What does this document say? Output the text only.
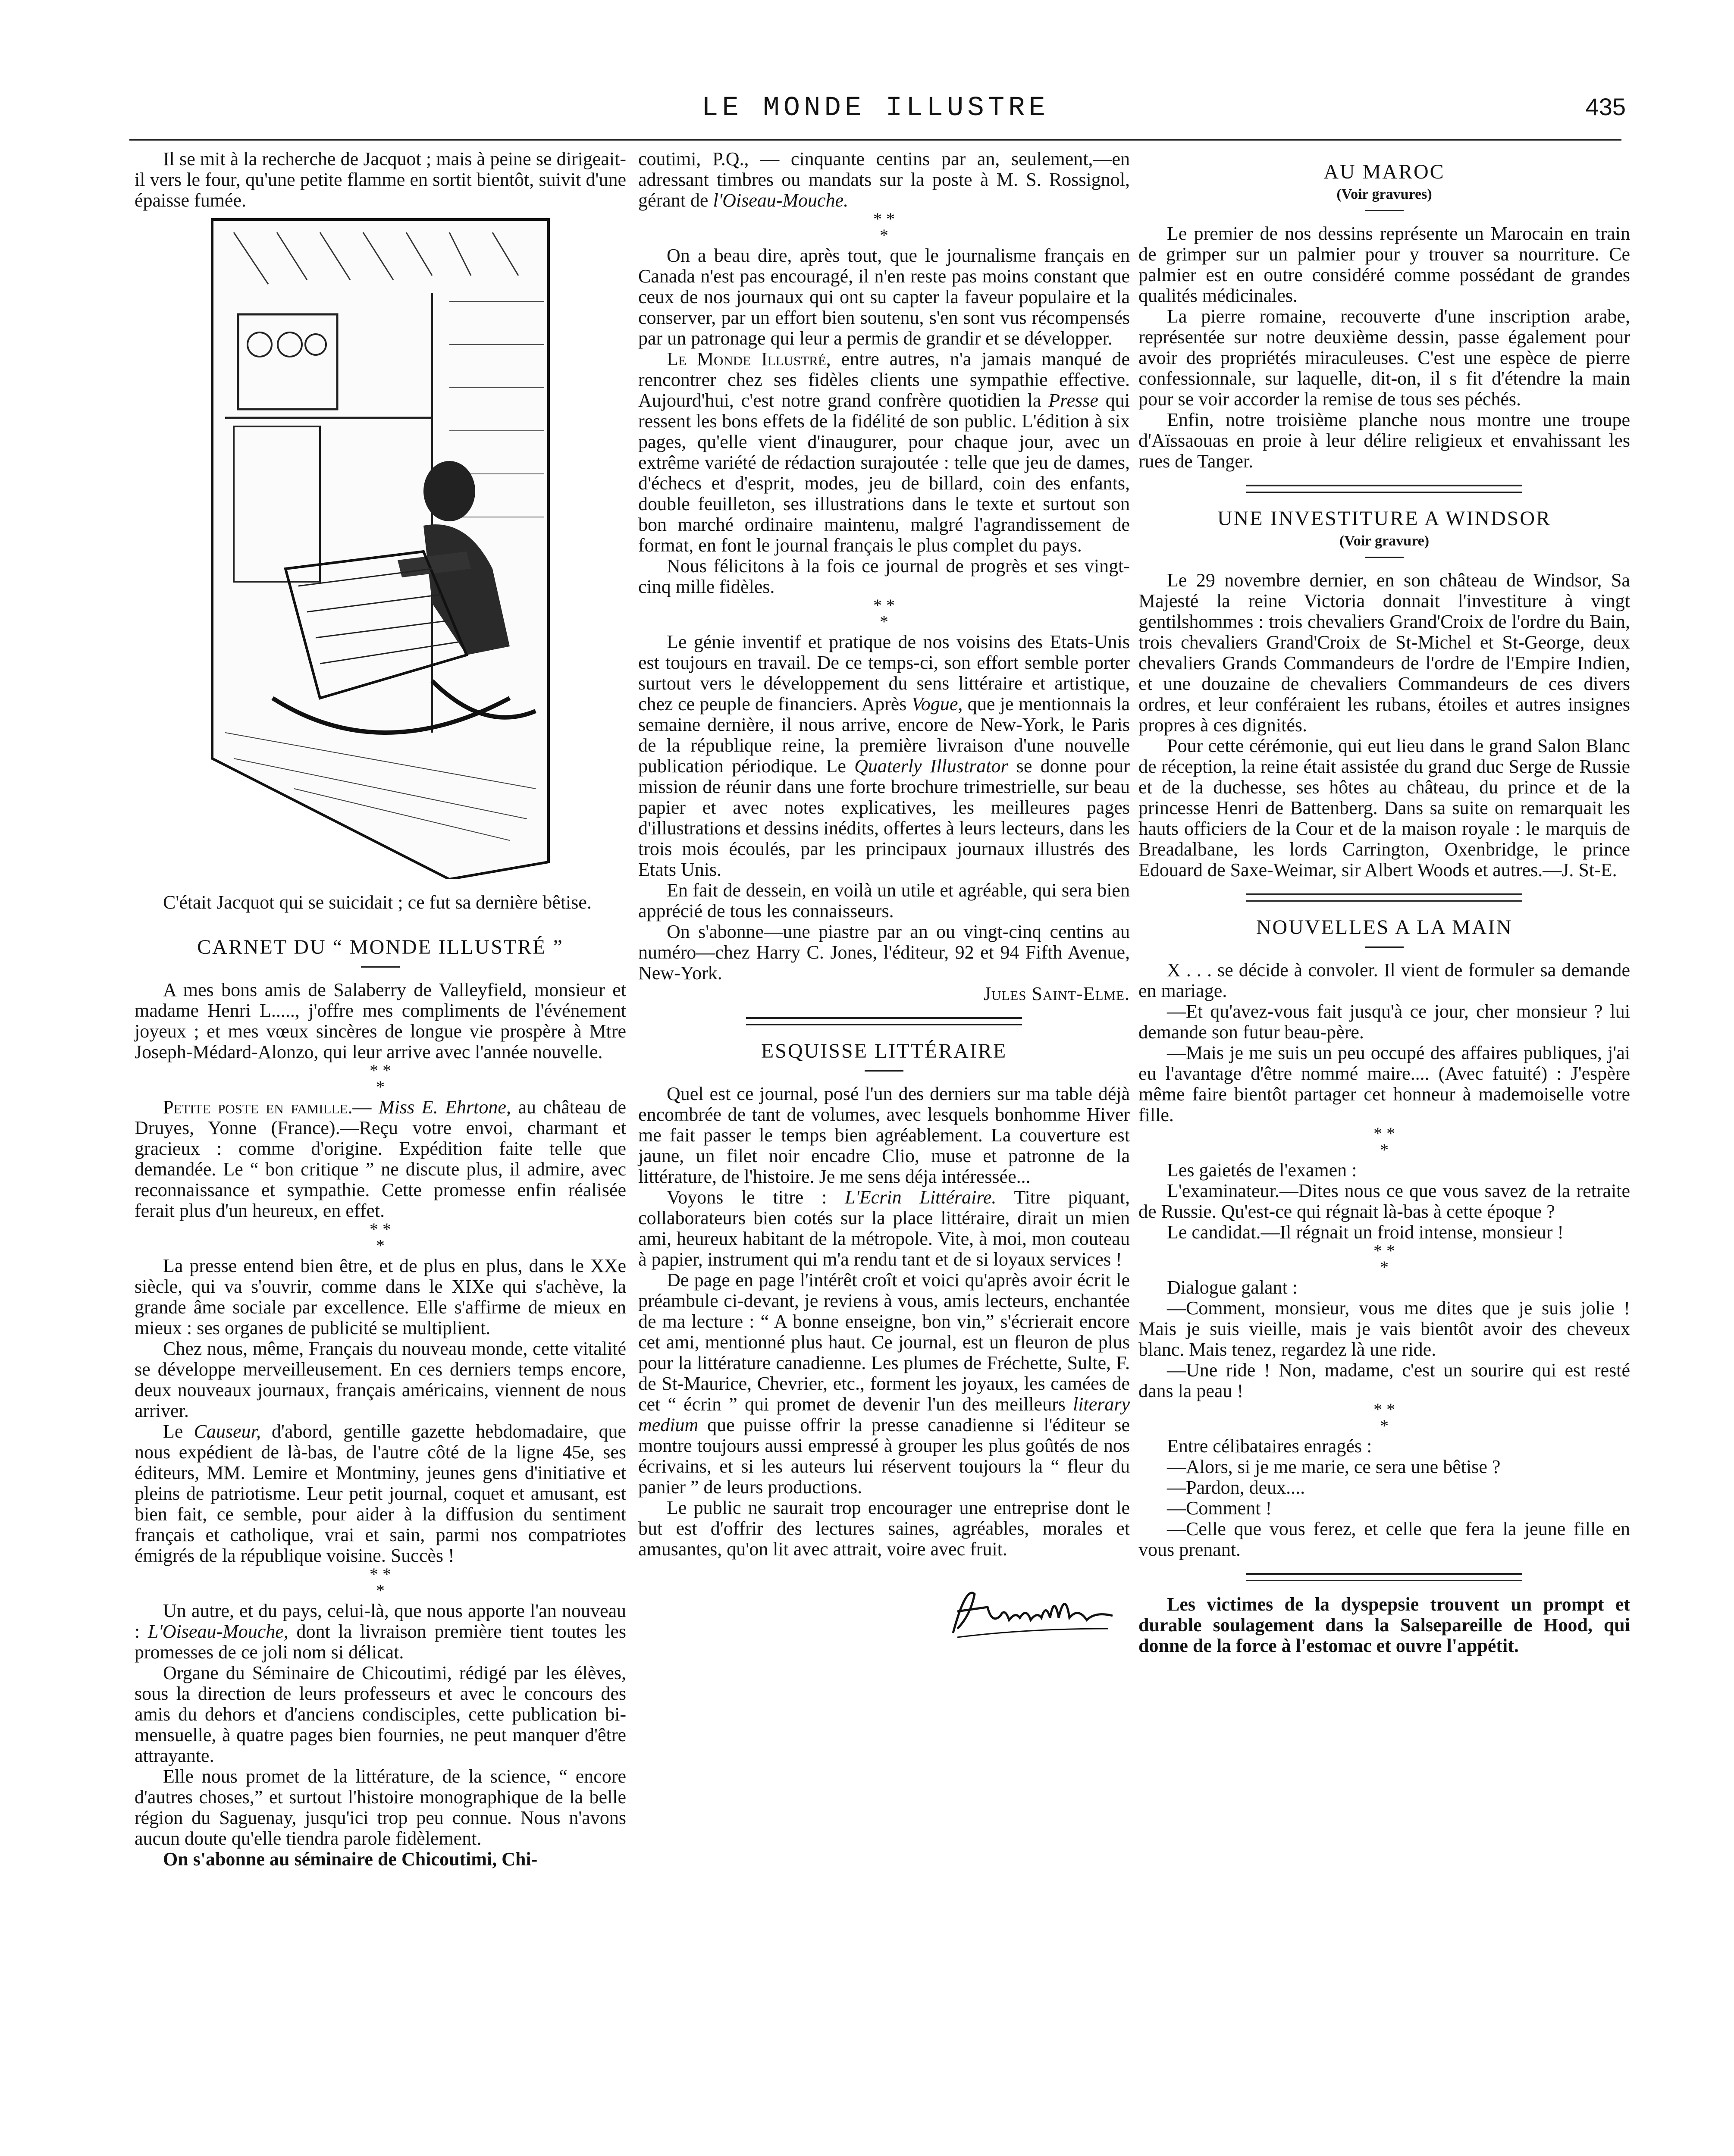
LE MONDE ILLUSTRE	435

Il se mit à la recherche de Jacquot ; mais à peine se dirigeait-il vers le four, qu'une petite flamme en sortit bientôt, suivit d'une épaisse fumée.

C'était Jacquot qui se suicidait ; ce fut sa dernière bêtise.

CARNET DU “ MONDE ILLUSTRÉ ”

A mes bons amis de Salaberry de Valleyfield, monsieur et madame Henri L....., j'offre mes compliments de l'événement joyeux ; et mes vœux sincères de longue vie prospère à Mtre Joseph-Médard-Alonzo, qui leur arrive avec l'année nouvelle.

* *
*

Petite poste en famille.— Miss E. Ehrtone, au château de Druyes, Yonne (France).—Reçu votre envoi, charmant et gracieux : comme d'origine. Expédition faite telle que demandée. Le “ bon critique ” ne discute plus, il admire, avec reconnaissance et sympathie. Cette promesse enfin réalisée ferait plus d'un heureux, en effet.

* *
*

La presse entend bien être, et de plus en plus, dans le XXe siècle, qui va s'ouvrir, comme dans le XIXe qui s'achève, la grande âme sociale par excellence. Elle s'affirme de mieux en mieux : ses organes de publicité se multiplient.

Chez nous, même, Français du nouveau monde, cette vitalité se développe merveilleusement. En ces derniers temps encore, deux nouveaux journaux, français américains, viennent de nous arriver.

Le Causeur, d'abord, gentille gazette hebdomadaire, que nous expédient de là-bas, de l'autre côté de la ligne 45e, ses éditeurs, MM. Lemire et Montminy, jeunes gens d'initiative et pleins de patriotisme. Leur petit journal, coquet et amusant, est bien fait, ce semble, pour aider à la diffusion du sentiment français et catholique, vrai et sain, parmi nos compatriotes émigrés de la république voisine. Succès !

* *
*

Un autre, et du pays, celui-là, que nous apporte l'an nouveau : L'Oiseau-Mouche, dont la livraison première tient toutes les promesses de ce joli nom si délicat.

Organe du Séminaire de Chicoutimi, rédigé par les élèves, sous la direction de leurs professeurs et avec le concours des amis du dehors et d'anciens condisciples, cette publication bi-mensuelle, à quatre pages bien fournies, ne peut manquer d'être attrayante.

Elle nous promet de la littérature, de la science, “ encore d'autres choses,” et surtout l'histoire monographique de la belle région du Saguenay, jusqu'ici trop peu connue. Nous n'avons aucun doute qu'elle tiendra parole fidèlement.

On s'abonne au séminaire de Chicoutimi, Chi-

coutimi, P.Q., — cinquante centins par an, seulement,—en adressant timbres ou mandats sur la poste à M. S. Rossignol, gérant de l'Oiseau-Mouche.

* *
*

On a beau dire, après tout, que le journalisme français en Canada n'est pas encouragé, il n'en reste pas moins constant que ceux de nos journaux qui ont su capter la faveur populaire et la conserver, par un effort bien soutenu, s'en sont vus récompensés par un patronage qui leur a permis de grandir et se développer.

Le Monde Illustré, entre autres, n'a jamais manqué de rencontrer chez ses fidèles clients une sympathie effective. Aujourd'hui, c'est notre grand confrère quotidien la Presse qui ressent les bons effets de la fidélité de son public. L'édition à six pages, qu'elle vient d'inaugurer, pour chaque jour, avec un extrême variété de rédaction surajoutée : telle que jeu de dames, d'échecs et d'esprit, modes, jeu de billard, coin des enfants, double feuilleton, ses illustrations dans le texte et surtout son bon marché ordinaire maintenu, malgré l'agrandissement de format, en font le journal français le plus complet du pays.

Nous félicitons à la fois ce journal de progrès et ses vingt-cinq mille fidèles.

* *
*

Le génie inventif et pratique de nos voisins des Etats-Unis est toujours en travail. De ce temps-ci, son effort semble porter surtout vers le développement du sens littéraire et artistique, chez ce peuple de financiers. Après Vogue, que je mentionnais la semaine dernière, il nous arrive, encore de New-York, le Paris de la république reine, la première livraison d'une nouvelle publication périodique. Le Quaterly Illustrator se donne pour mission de réunir dans une forte brochure trimestrielle, sur beau papier et avec notes explicatives, les meilleures pages d'illustrations et dessins inédits, offertes à leurs lecteurs, dans les trois mois écoulés, par les principaux journaux illustrés des Etats Unis.

En fait de dessein, en voilà un utile et agréable, qui sera bien apprécié de tous les connaisseurs.

On s'abonne—une piastre par an ou vingt-cinq centins au numéro—chez Harry C. Jones, l'éditeur, 92 et 94 Fifth Avenue, New-York.

Jules Saint-Elme.

ESQUISSE LITTÉRAIRE

Quel est ce journal, posé l'un des derniers sur ma table déjà encombrée de tant de volumes, avec lesquels bonhomme Hiver me fait passer le temps bien agréablement. La couverture est jaune, un filet noir encadre Clio, muse et patronne de la littérature, de l'histoire. Je me sens déja intéressée...

Voyons le titre : L'Ecrin Littéraire. Titre piquant, collaborateurs bien cotés sur la place littéraire, dirait un mien ami, heureux habitant de la métropole. Vite, à moi, mon couteau à papier, instrument qui m'a rendu tant et de si loyaux services !

De page en page l'intérêt croît et voici qu'après avoir écrit le préambule ci-devant, je reviens à vous, amis lecteurs, enchantée de ma lecture : “ A bonne enseigne, bon vin,” s'écrierait encore cet ami, mentionné plus haut. Ce journal, est un fleuron de plus pour la littérature canadienne. Les plumes de Fréchette, Sulte, F. de St-Maurice, Chevrier, etc., forment les joyaux, les camées de cet “ écrin ” qui promet de devenir l'un des meilleurs literary medium que puisse offrir la presse canadienne si l'éditeur se montre toujours aussi empressé à grouper les plus goûtés de nos écrivains, et si les auteurs lui réservent toujours la “ fleur du panier ” de leurs productions.

Le public ne saurait trop encourager une entreprise dont le but est d'offrir des lectures saines, agréables, morales et amusantes, qu'on lit avec attrait, voire avec fruit.

AU MAROC
(Voir gravures)

Le premier de nos dessins représente un Marocain en train de grimper sur un palmier pour y trouver sa nourriture. Ce palmier est en outre considéré comme possédant de grandes qualités médicinales.

La pierre romaine, recouverte d'une inscription arabe, représentée sur notre deuxième dessin, passe également pour avoir des propriétés miraculeuses. C'est une espèce de pierre confessionnale, sur laquelle, dit-on, il s fit d'étendre la main pour se voir accorder la remise de tous ses péchés.

Enfin, notre troisième planche nous montre une troupe d'Aïssaouas en proie à leur délire religieux et envahissant les rues de Tanger.

UNE INVESTITURE A WINDSOR
(Voir gravure)

Le 29 novembre dernier, en son château de Windsor, Sa Majesté la reine Victoria donnait l'investiture à vingt gentilshommes : trois chevaliers Grand'Croix de l'ordre du Bain, trois chevaliers Grand'Croix de St-Michel et St-George, deux chevaliers Grands Commandeurs de l'ordre de l'Empire Indien, et une douzaine de chevaliers Commandeurs de ces divers ordres, et leur conféraient les rubans, étoiles et autres insignes propres à ces dignités.

Pour cette cérémonie, qui eut lieu dans le grand Salon Blanc de réception, la reine était assistée du grand duc Serge de Russie et de la duchesse, ses hôtes au château, du prince et de la princesse Henri de Battenberg. Dans sa suite on remarquait les hauts officiers de la Cour et de la maison royale : le marquis de Breadalbane, les lords Carrington, Oxenbridge, le prince Edouard de Saxe-Weimar, sir Albert Woods et autres.—J. St-E.

NOUVELLES A LA MAIN

X . . . se décide à convoler. Il vient de formuler sa demande en mariage.

—Et qu'avez-vous fait jusqu'à ce jour, cher monsieur ? lui demande son futur beau-père.

—Mais je me suis un peu occupé des affaires publiques, j'ai eu l'avantage d'être nommé maire.... (Avec fatuité) : J'espère même faire bientôt partager cet honneur à mademoiselle votre fille.

* *
*

Les gaietés de l'examen :

L'examinateur.—Dites nous ce que vous savez de la retraite de Russie. Qu'est-ce qui régnait là-bas à cette époque ?

Le candidat.—Il régnait un froid intense, monsieur !

* *
*

Dialogue galant :

—Comment, monsieur, vous me dites que je suis jolie ! Mais je suis vieille, mais je vais bientôt avoir des cheveux blanc. Mais tenez, regardez là une ride.

—Une ride ! Non, madame, c'est un sourire qui est resté dans la peau !

* *
*

Entre célibataires enragés :

—Alors, si je me marie, ce sera une bêtise ?

—Pardon, deux....

—Comment !

—Celle que vous ferez, et celle que fera la jeune fille en vous prenant.

Les victimes de la dyspepsie trouvent un prompt et durable soulagement dans la Salsepareille de Hood, qui donne de la force à l'estomac et ouvre l'appétit.
